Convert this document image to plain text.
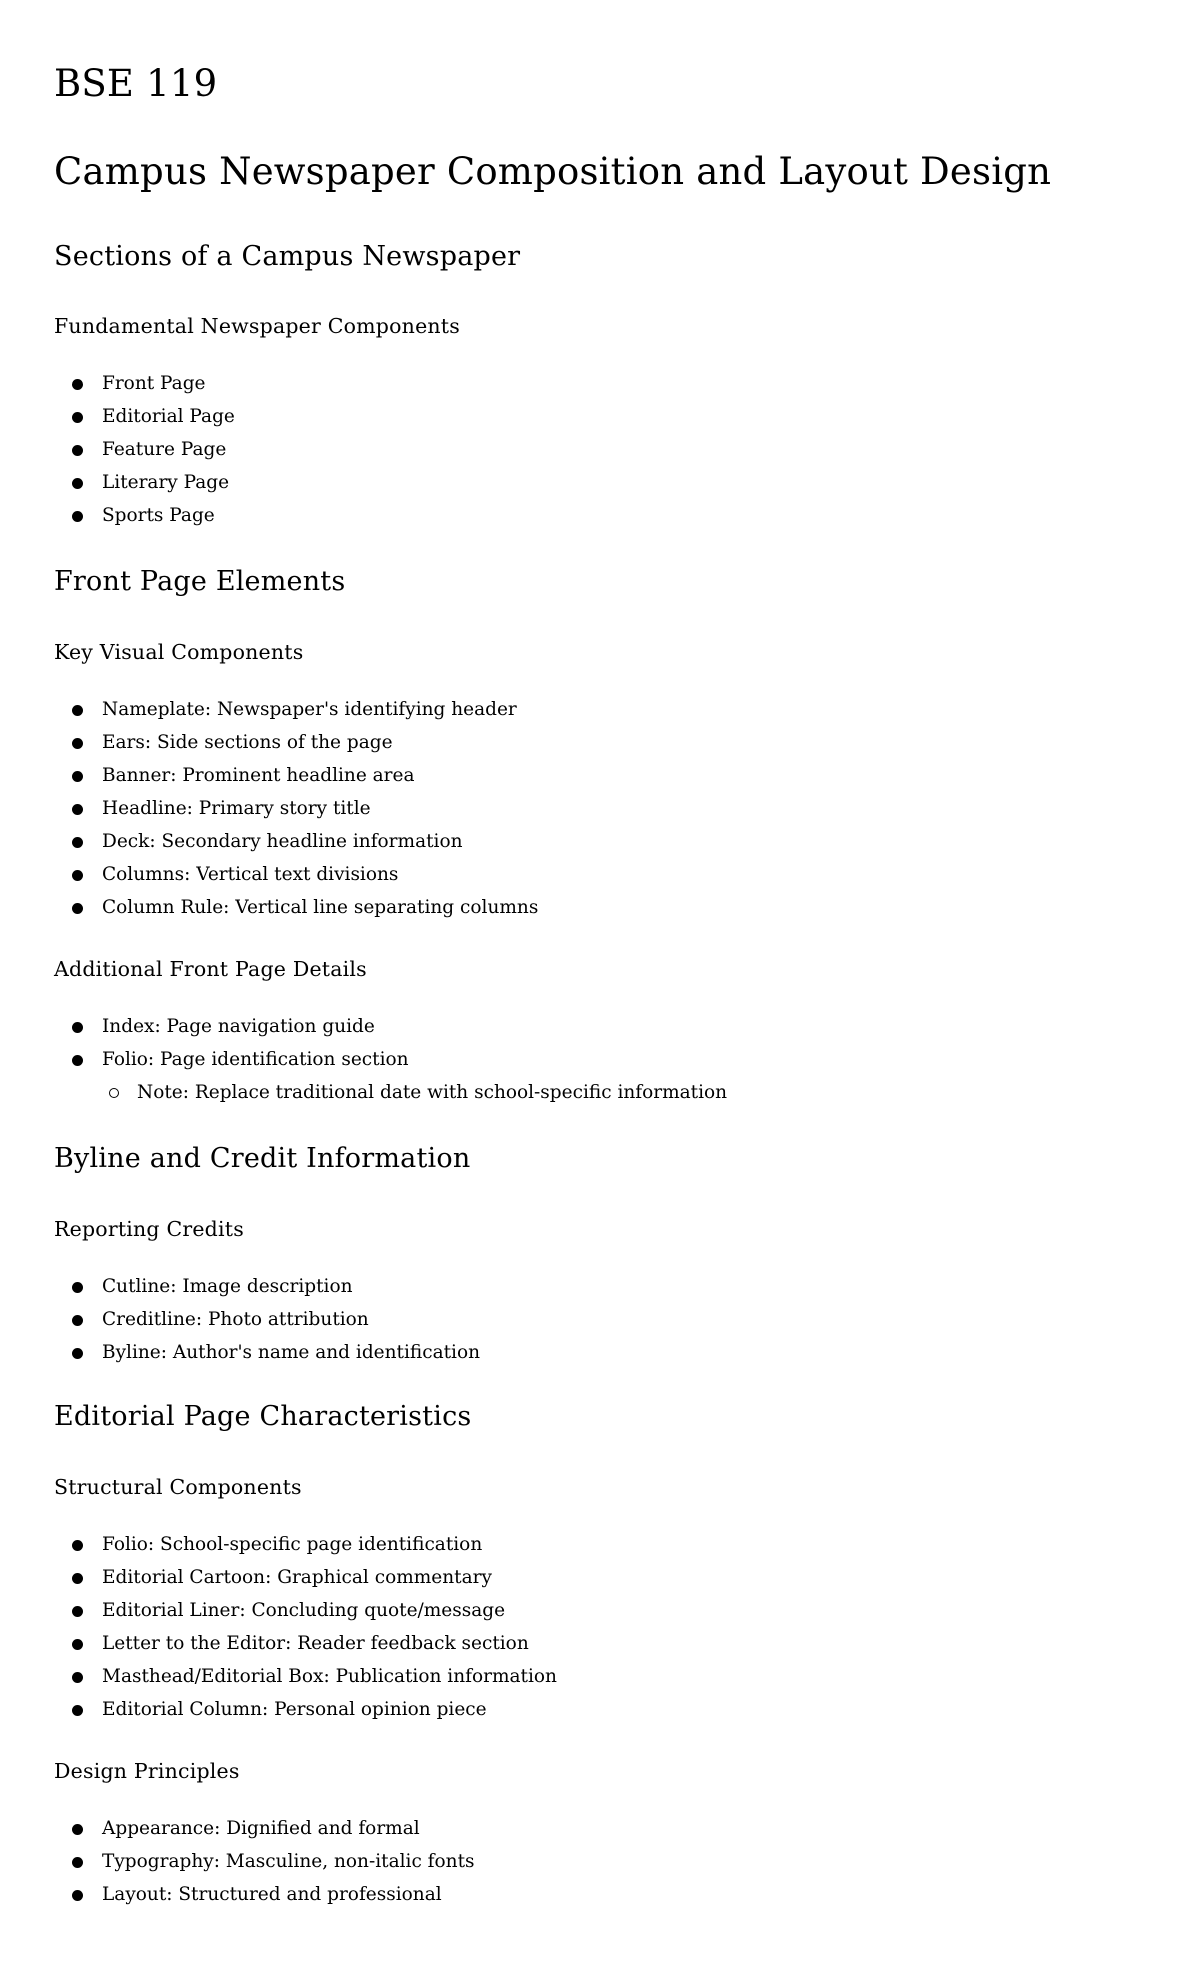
BSE 119
Campus Newspaper Composition and Layout Design
Sections of a Campus Newspaper
Fundamental Newspaper Components
Front Page
Editorial Page
Feature Page
Literary Page
Sports Page
Front Page Elements
Key Visual Components
Nameplate: Newspaper's identifying header
Ears: Side sections of the page
Banner: Prominent headline area
Headline: Primary story title
Deck: Secondary headline information
Columns: Vertical text divisions
Column Rule: Vertical line separating columns
Additional Front Page Details
Index: Page navigation guide
Folio: Page identification section
Note: Replace traditional date with school-specific information
Byline and Credit Information
Reporting Credits
Cutline: Image description
Creditline: Photo attribution
Byline: Author's name and identification
Editorial Page Characteristics
Structural Components
Folio: School-specific page identification
Editorial Cartoon: Graphical commentary
Editorial Liner: Concluding quote/message
Letter to the Editor: Reader feedback section
Masthead/Editorial Box: Publication information
Editorial Column: Personal opinion piece
Design Principles
Appearance: Dignified and formal
Typography: Masculine, non-italic fonts
Layout: Structured and professional
